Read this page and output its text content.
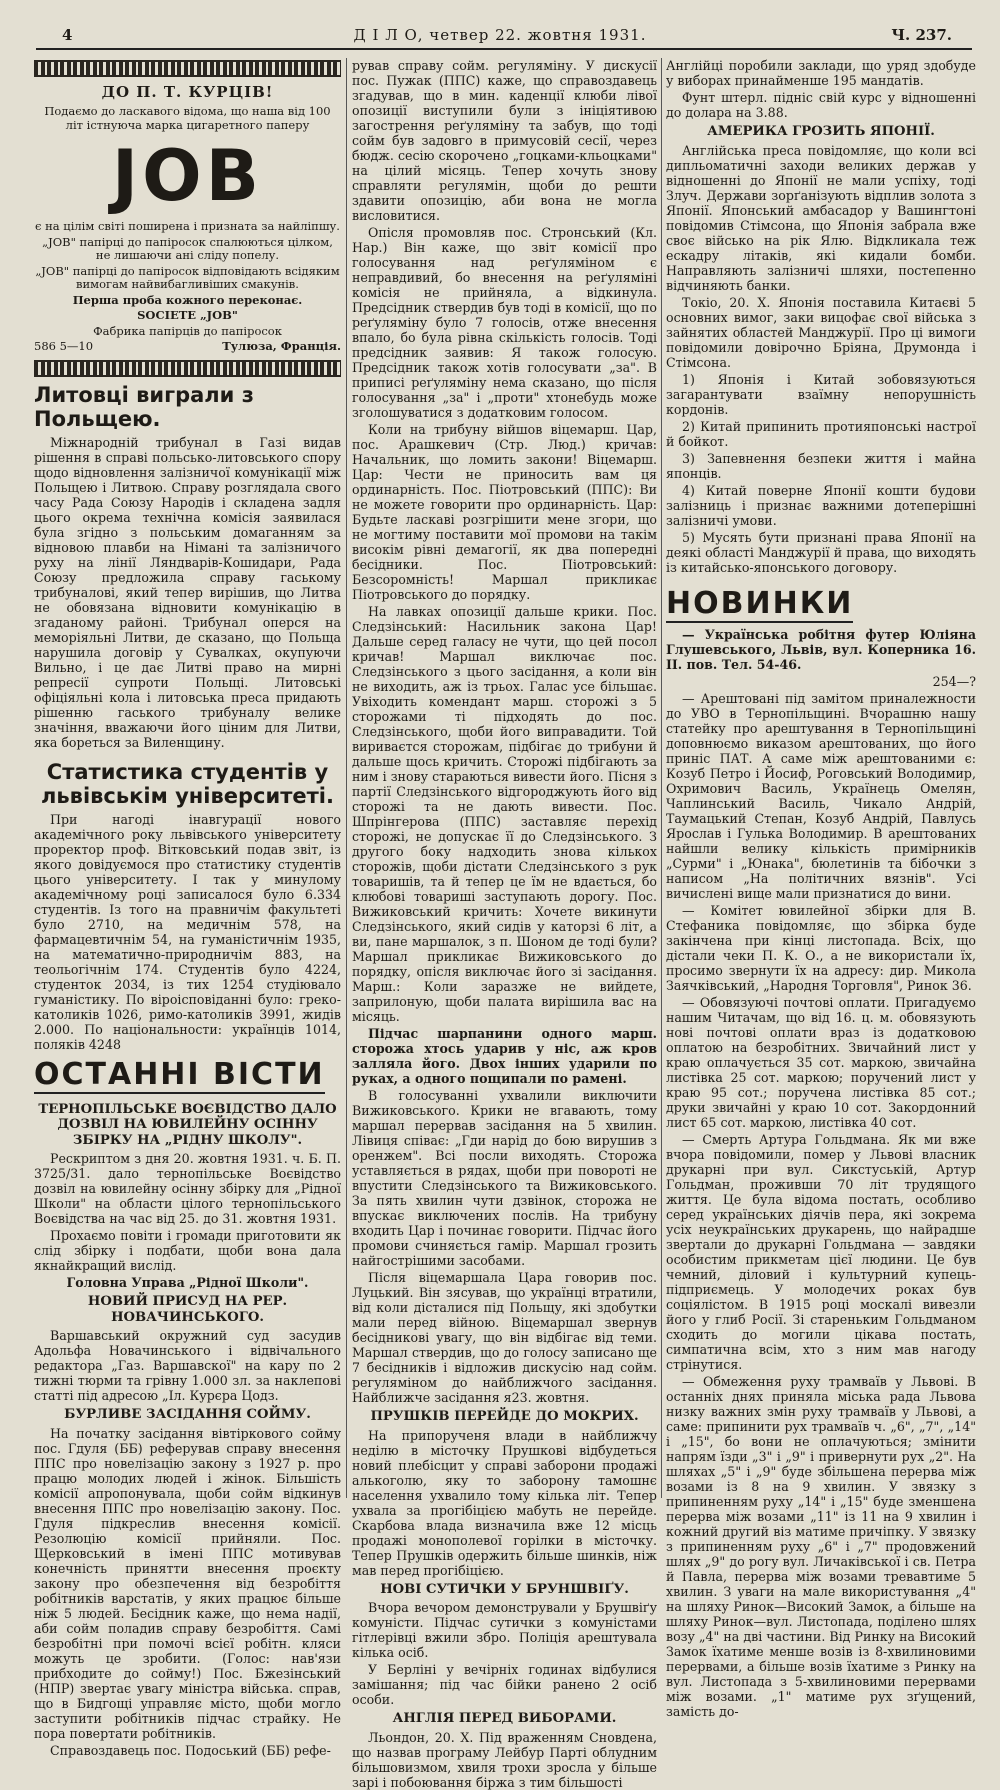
4	Д І Л О, четвер 22. жовтня 1931.	Ч. 237.
ДО П. Т. КУРЦІВ!

Подаємо до ласкавого відома, що наша від 100 літ істнуюча марка цигаретного паперу

JOB

є на цілім світі поширена і призната за найліпшу.

„JOB" папірці до папіросок спалюються цілком, не лишаючи ані сліду попелу.

„JOB" папірці до папіросок відповідають всідяким вимогам найвибагливіших смакунів.

Перша проба кожного переконає.

SOCIETE „JOB"

Фабрика папірців до папіросок

586 5—10	Тулюза, Франція.
Литовці виграли з Польщею.

Міжнародній трибунал в Газі видав рішення в справі польсько-литовського спору щодо відновлення залізничої комунікації між Польщею і Литвою. Справу розглядала свого часу Рада Союзу Народів і складена задля цього окрема технічна комісія заявилася була згідно з польським домаганням за відновою плавби на Німані та залізничого руху на лінії Ляндварів-Кошидари, Рада Союзу предложила справу гаському трибуналові, який тепер вирішив, що Литва не обовязана відновити комунікацію в згаданому районі. Трибунал оперся на меморіяльні Литви, де сказано, що Польща нарушила договір у Сувалках, окупуючи Вильно, і це дає Литві право на мирні репресії супроти Польщі. Литовські офіціяльні кола і литовська преса придають рішенню гаського трибуналу велике значіння, вважаючи його ціним для Литви, яка бореться за Виленщину.

Статистика студентів у львівськім університеті.

При нагоді інавгурації нового академічного року львівського університету проректор проф. Вітковський подав звіт, із якого довідуємося про статистику студентів цього університету. І так у минулому академічному році записалося було 6.334 студентів. Із того на правничім факультеті було 2710, на медичнім 578, на фармацевтичнім 54, на гуманістичнім 1935, на математично-природничім 883, на теольогічнім 174. Студентів було 4224, студенток 2034, із тих 1254 студіювало гуманістику. По віроісповіданні було: греко-католиків 1026, римо-католиків 3991, жидів 2.000. По національности: українців 1014, поляків 4248

ОСТАННІ ВІСТИ
ТЕРНОПІЛЬСЬКЕ ВОЄВІДСТВО ДАЛО ДОЗВІЛ НА ЮВИЛЕЙНУ ОСІННУ ЗБІРКУ НА „РІДНУ ШКОЛУ".

Рескриптом з дня 20. жовтня 1931. ч. Б. П. 3725/31. дало тернопільське Воєвідство дозвіл на ювилейну осінну збірку для „Рідної Школи" на области цілого тернопільського Воєвідства на час від 25. до 31. жовтня 1931.

Прохаємо повіти і громади приготовити як слід збірку і подбати, щоби вона дала якнайкращий вислід.

Головна Управа „Рідної Школи".
НОВИЙ ПРИСУД НА РЕР. НОВАЧИНСЬКОГО.

Варшавський окружний суд засудив Адольфа Новачинського і відвічального редактора „Газ. Варшавскої" на кару по 2 тижні тюрми та грівну 1.000 зл. за наклепові статті під адресою „Іл. Курєра Цодз.

БУРЛИВЕ ЗАСІДАННЯ СОЙМУ.

На початку засідання вівтіркового сойму пос. Гдуля (ББ) реферував справу внесення ППС про новелізацію закону з 1927 р. про працю молодих людей і жінок. Більшість комісії апропонувала, щоби сойм відкинув внесення ППС про новелізацію закону. Пос. Гдуля підкреслив внесення комісії. Резолюцію комісії прийняли. Пос. Щерковський в імені ППС мотивував конечність принятти внесення проєкту закону про обезпечення від безробіття робітників варстатів, у яких працює більше ніж 5 людей. Бесідник каже, що нема надії, аби сойм поладив справу безробіття. Самі безробітні при помочі всієї робітн. кляси можуть це зробити. (Голос: нав'язи прибходите до сойму!) Пос. Бжезінський (НПР) звертає увагу міністра війська. справ, що в Бидгощі управляє місто, щоби могло заступити робітників підчас страйку. Не пора повертати робітників.

Справоздавець пос. Подоський (ББ) рефе-

рував справу сойм. регуляміну. У дискусії пос. Пужак (ППС) каже, що справоздавець згадував, що в мин. каденції клюби лівої опозиції виступили були з ініціятивою загострення реґуляміну та забув, що тоді сойм був задовго в примусовій сесії, через бюдж. сесію скорочено „гоцками-кльоцками" на цілий місяць. Тепер хочуть знову справляти регулямін, щоби до решти здавити опозицію, аби вона не могла висловитися.

Опісля промовляв пос. Стронський (Кл. Нар.) Він каже, що звіт комісії про голосування над реґуляміном є неправдивий, бо внесення на реґуляміні комісія не прийняла, а відкинула. Предсідник ствердив був тоді в комісії, що по реґуляміну було 7 голосів, отже внесення впало, бо була рівна скількість голосів. Тоді предсідник заявив: Я також голосую. Предсідник також хотів голосувати „за". В приписі реґуляміну нема сказано, що після голосування „за" і „проти" хтонебудь може зголошуватися з додатковим голосом.

Коли на трибуну війшов віцемарш. Цар, пос. Арашкевич (Стр. Люд.) кричав: Начальник, що ломить закони! Віцемарш. Цар: Чести не приносить вам ця ординарність. Пос. Піотровський (ППС): Ви не можете говорити про ординарність. Цар: Будьте ласкаві розгрішити мене згори, що не могтиму поставити мої промови на такім високім рівні демагогії, як два попередні бесідники. Пос. Піотровський: Безсоромність! Маршал прикликає Піотровського до порядку.

На лавках опозиції дальше крики. Пос. Следзінський: Насильник закона Цар! Дальше серед галасу не чути, що цей посол кричав! Маршал виключає пос. Следзінського з цього засідання, а коли він не виходить, аж із трьох. Галас усе більшає. Увіходить комендант марш. сторожі з 5 сторожами ті підходять до пос. Следзінського, щоби його виправадити. Той вириваєтся сторожам, підбігає до трибуни й дальше щось кричить. Сторожі підбігають за ним і знову стараються вивести його. Пісня з партії Следзінського відгороджують його від сторожі та не дають вивести. Пос. Шпрінгерова (ППС) заставляє перехід сторожі, не допускає її до Следзінського. З другого боку надходить знова кількох сторожів, щоби дістати Следзінського з рук товаришів, та й тепер це їм не вдається, бо клюбові товариші заступають дорогу. Пос. Вижиковський кричить: Хочете викинути Следзінського, який сидів у каторзі 6 літ, а ви, пане маршалок, з п. Шоном де тоді були? Маршал прикликає Вижиковського до порядку, опісля виключає його зі засідання. Марш.: Коли заразже не вийдете, заприлоную, щоби палата вирішила вас на місяць.

Підчас шарпанини одного марш. сторожа хтось ударив у ніс, аж кров залляла його. Двох інших ударили по руках, а одного пощипали по рамені.

В голосуванні ухвалили виключити Вижиковського. Крики не вгавають, тому маршал перервав засідання на 5 хвилин. Лівиця співає: „Гди нарід до бою вирушив з оренжем". Всі посли виходять. Сторожа уставляється в рядах, щоби при повороті не впустити Следзінського та Вижиковського. За пять хвилин чути дзвінок, сторожа не впускає виключених послів. На трибуну входить Цар і починає говорити. Підчас його промови счиняється гамір. Маршал грозить найгострішими засобами.

Після віцемаршала Цара говорив пос. Луцький. Він зясував, що українці втратили, від коли дісталися під Польщу, які здобутки мали перед війною. Віцемаршал звернув бесідникові увагу, що він відбігає від теми. Маршал ствердив, що до голосу записано ще 7 бесідників і відложив дискусію над сойм. регуляміном до найближчого засідання. Найближче засідання я23. жовтня.

ПРУШКІВ ПЕРЕЙДЕ ДО МОКРИХ.

На припорученя влади в найближчу неділю в місточку Прушкові відбудеться новий плебісцит у справі заборони продажі алькоголю, яку то заборону тамошнє населення ухвалило тому кілька літ. Тепер ухвала за прогібіцією мабуть не перейде. Скарбова влада визначила вже 12 місць продажі монополевої горілки в місточку. Тепер Прушків одержить більше шинків, ніж мав перед прогібіцією.

НОВІ СУТИЧКИ У БРУНШВІҐУ.

Вчора вечором демонстрували у Брушвіґу комуністи. Підчас сутички з комуністами гітлерівці вжили збро. Поліція арештувала кілька осіб.

У Берліні у вечірніх годинах відбулися замішання; під час бійки ранено 2 осіб особи.

АНГЛІЯ ПЕРЕД ВИБОРАМИ.

Льондон, 20. Х. Під враженням Сновдена, що назвав програму Лейбур Парті облудним більшовизмом, хвиля трохи зросла у більше зарі і побоювання біржа з тим більшості

Англійці поробили заклади, що уряд здобуде у виборах принайменше 195 мандатів.

Фунт штерл. підніс свій курс у відношенні до долара на 3.88.

АМЕРИКА ГРОЗИТЬ ЯПОНІЇ.

Англійська преса повідомляє, що коли всі дипльоматичні заходи великих держав у відношенні до Японії не мали успіху, тоді Злуч. Держави зорґанізують відплив золота з Японії. Японський амбасадор у Вашингтоні повідомив Стімсона, що Японія забрала вже своє військо на рік Ялю. Відкликала теж ескадру літаків, які кидали бомби. Направляють залізничі шляхи, постепенно відчиняють банки.

Токіо, 20. Х. Японія поставила Китаєві 5 основних вимог, заки вицофає свої війська з зайнятих областей Манджурії. Про ці вимоги повідомили довірочно Бріяна, Друмонда і Стімсона.

1) Японія і Китай зобовязуються загарантувати взаїмну непорушність кордонів.

2) Китай припинить протияпонські настрої й бойкот.

3) Запевнення безпеки життя і майна японців.

4) Китай поверне Японії кошти будови залізниць і признає важними дотеперішні залізничі умови.

5) Мусять бути признані права Японії на деякі області Манджурії й права, що виходять із китайсько-японського договору.

НОВИНКИ

— Українська робітня футер Юліяна Глушевського, Львів, вул. Коперника 16. II. пов. Тел. 54-46.

254—?

— Арештовані під замітом приналежности до УВО в Тернопільщині. Вчорашню нашу статейку про арештування в Тернопільщині доповнюємо виказом арештованих, що його приніс ПАТ. А саме між арештованими є: Козуб Петро і Йосиф, Роговський Володимир, Охримович Василь, Українець Омелян, Чаплинський Василь, Чикало Андрій, Таумацький Степан, Козуб Андрій, Павлусь Ярослав і Гулька Володимир. В арештованих найшли велику кількість примірників „Сурми" і „Юнака", бюлетинів та бібочки з написом „На політичних вязнів". Усі вичислені вище мали признатися до вини.

— Комітет ювилейної збірки для В. Стефаника повідомляє, що збірка буде закінчена при кінці листопада. Всіх, що дістали чеки П. К. О., а не використали їх, просимо звернути їх на адресу: дир. Микола Заячківський, „Народня Торговля", Ринок 36.

— Обовязуючі почтові оплати. Пригадуємо нашим Читачам, що від 16. ц. м. обовязують нові почтові оплати враз із додатковою оплатою на безробітних. Звичайний лист у краю оплачується 35 сот. маркою, звичайна листівка 25 сот. маркою; поручений лист у краю 95 сот.; поручена листівка 85 сот.; друки звичайні у краю 10 сот. Закордонний лист 65 сот. маркою, листівка 40 сот.

— Смерть Артура Гольдмана. Як ми вже вчора повідомили, помер у Львові власник друкарні при вул. Сикстуській, Артур Гольдман, проживши 70 літ трудящого життя. Це була відома постать, особливо серед українських діячів пера, які зокрема усіх неукраїнських друкарень, що найрадше звертали до друкарні Гольдмана — завдяки особистим прикметам цієї людини. Це був чемний, діловий і культурний купець-підприємець. У молодечих роках був соціялістом. В 1915 році москалі вивезли його у глиб Росії. Зі стареньким Гольдманом сходить до могили цікава постать, симпатична всім, хто з ним мав нагоду стрінутися.

— Обмеження руху трамваїв у Львові. В останніх днях приняла міська рада Львова низку важних змін руху трамваїв у Львові, а саме: припинити рух трамваїв ч. „6", „7", „14" і „15", бо вони не оплачуються; змінити напрям їзди „3" і „9" і привернути рух „2". На шляхах „5" і „9" буде збільшена перерва між возами із 8 на 9 хвилин. У звязку з припиненням руху „14" і „15" буде зменшена перерва між возами „11" із 11 на 9 хвилин і кожний другий віз матиме причіпку. У звязку з припиненням руху „6" і „7" продовжений шлях „9" до рогу вул. Личаківської і св. Петра й Павла, перерва між возами тревавтиме 5 хвилин. З уваги на мале використування „4" на шляху Ринок—Високий Замок, а більше на шляху Ринок—вул. Листопада, поділено шлях возу „4" на дві частини. Від Ринку на Високий Замок їхатиме менше возів із 8-хвилиновими перервами, а більше возів їхатиме з Ринку на вул. Листопада з 5-хвилиновими перервами між возами. „1" матиме рух зґущений, замість до-
